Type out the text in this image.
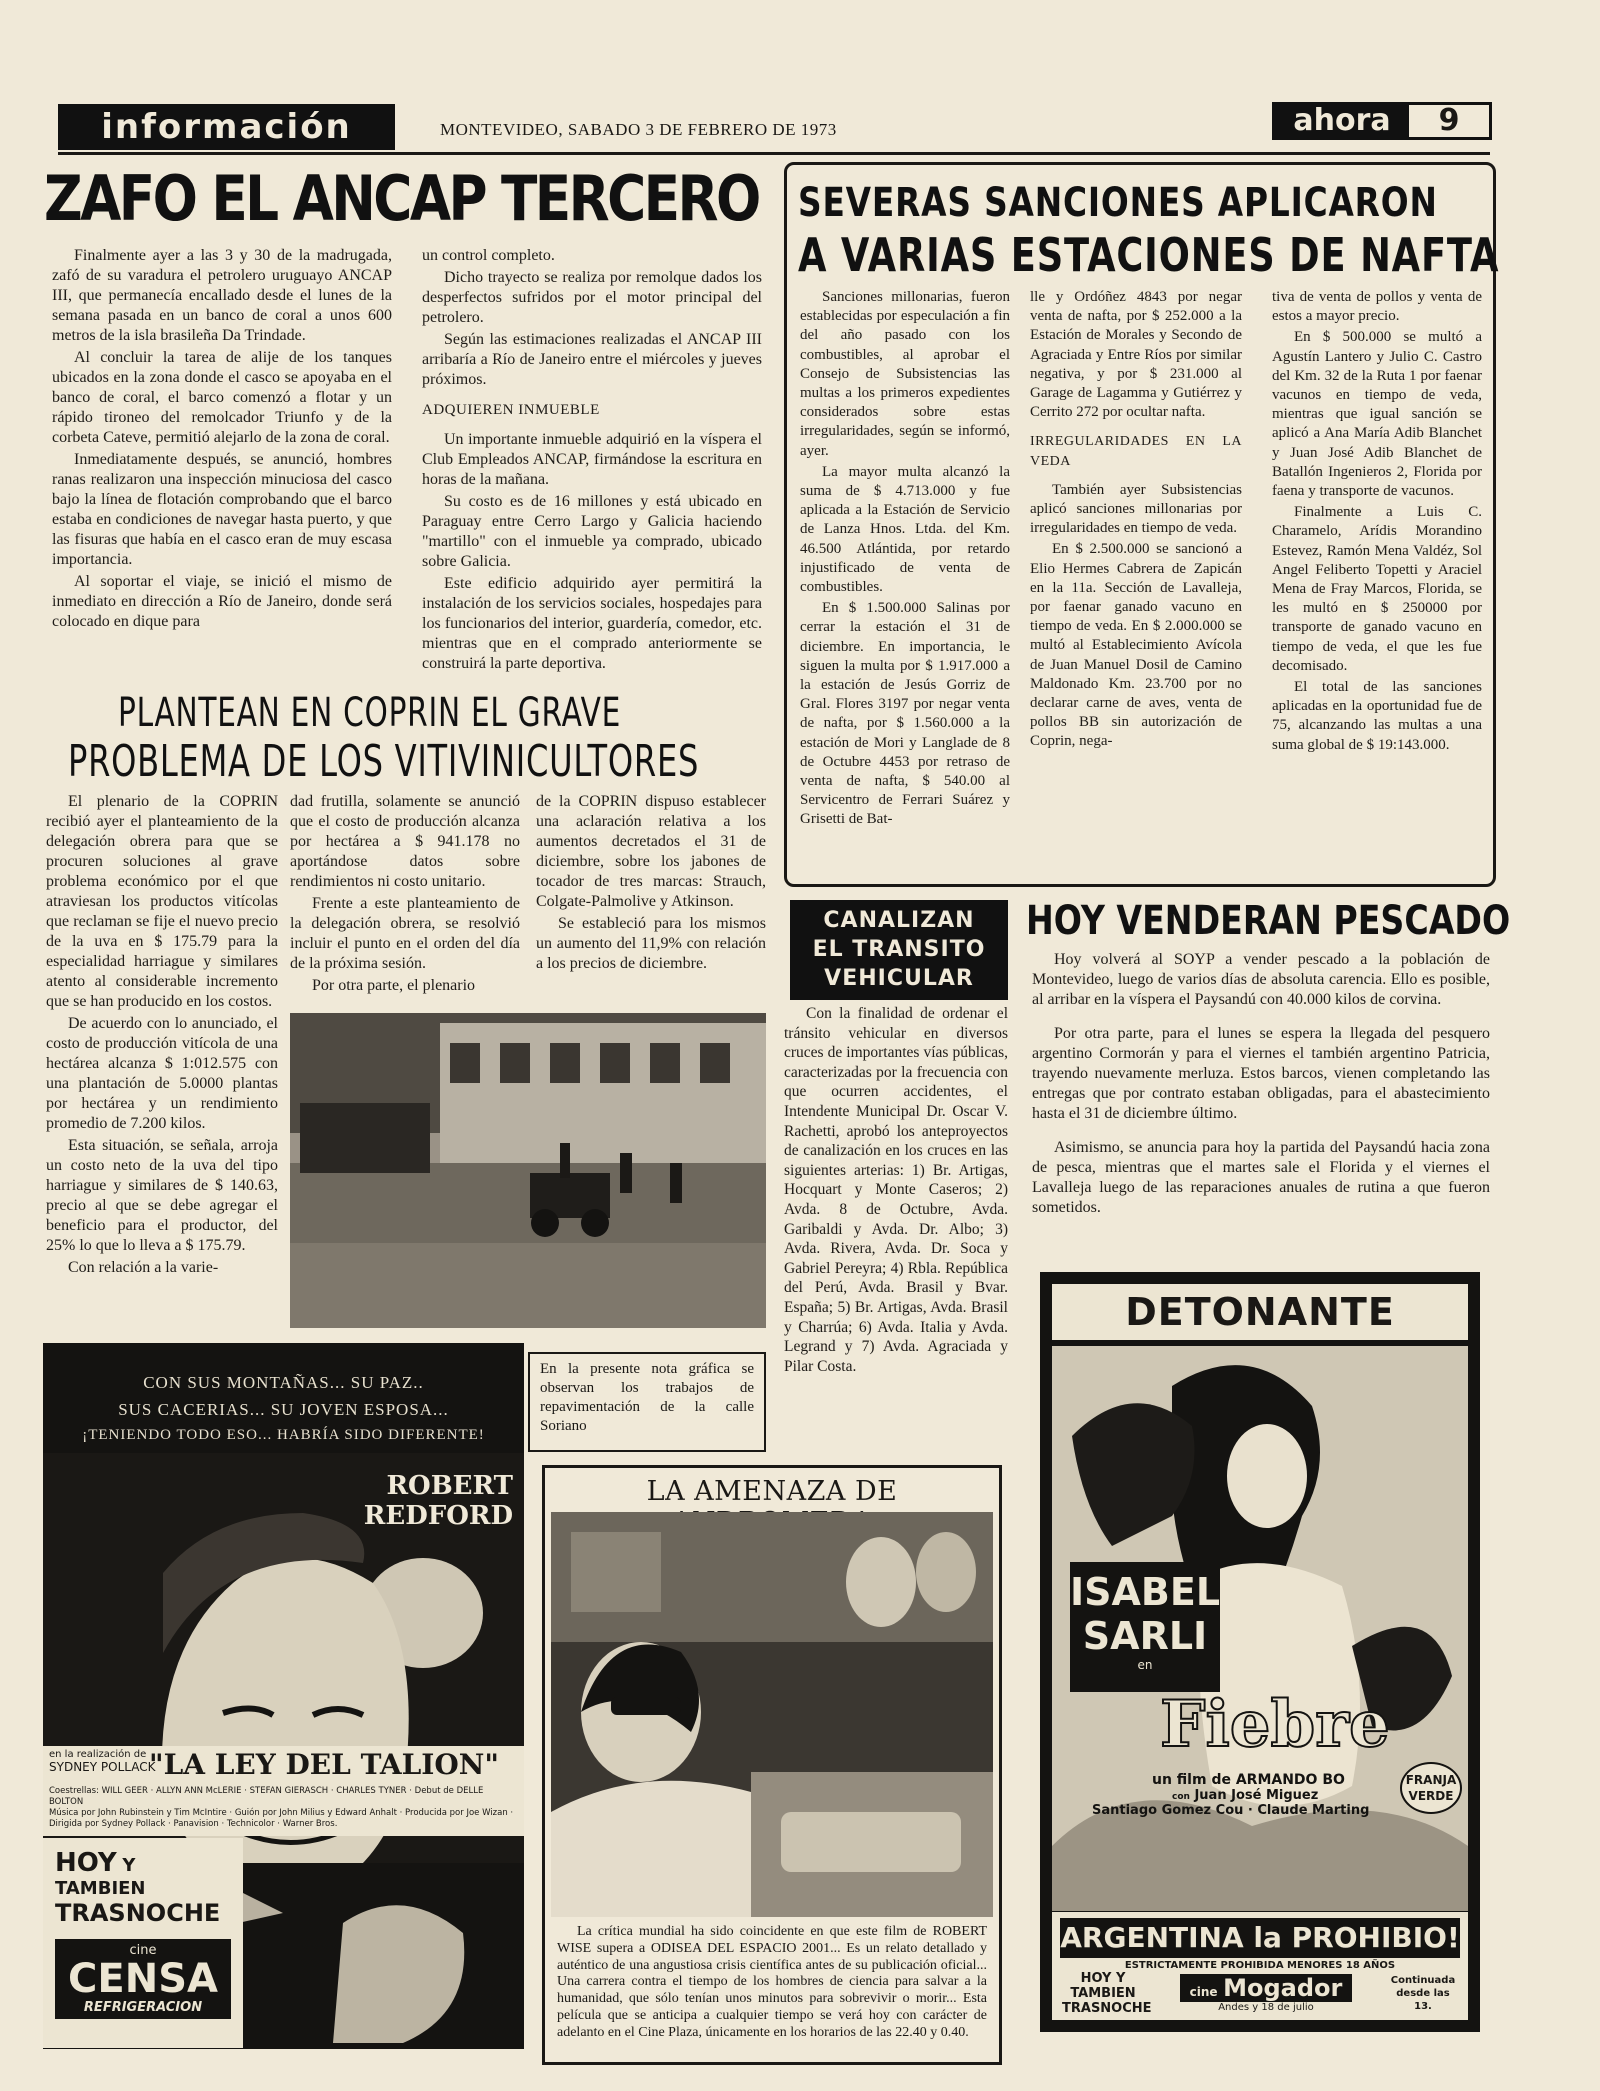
información	MONTEVIDEO, SABADO 3 DE FEBRERO DE 1973	ahora	9
ZAFO EL ANCAP TERCERO

Finalmente ayer a las 3 y 30 de la madrugada, zafó de su varadura el petrolero uruguayo ANCAP III, que permanecía encallado desde el lunes de la semana pasada en un banco de coral a unos 600 metros de la isla brasileña Da Trindade.

Al concluir la tarea de alije de los tanques ubicados en la zona donde el casco se apoyaba en el banco de coral, el barco comenzó a flotar y un rápido tironeo del remolcador Triunfo y de la corbeta Cateve, permitió alejarlo de la zona de coral.

Inmediatamente después, se anunció, hombres ranas realizaron una inspección minuciosa del casco bajo la línea de flotación comprobando que el barco estaba en condiciones de navegar hasta puerto, y que las fisuras que había en el casco eran de muy escasa importancia.

Al soportar el viaje, se inició el mismo de inmediato en dirección a Río de Janeiro, donde será colocado en dique para

un control completo.

Dicho trayecto se realiza por remolque dados los desperfectos sufridos por el motor principal del petrolero.

Según las estimaciones realizadas el ANCAP III arribaría a Río de Janeiro entre el miércoles y jueves próximos.

ADQUIEREN INMUEBLE

Un importante inmueble adquirió en la víspera el Club Empleados ANCAP, firmándose la escritura en horas de la mañana.

Su costo es de 16 millones y está ubicado en Paraguay entre Cerro Largo y Galicia haciendo "martillo" con el inmueble ya comprado, ubicado sobre Galicia.

Este edificio adquirido ayer permitirá la instalación de los servicios sociales, hospedajes para los funcionarios del interior, guardería, comedor, etc. mientras que en el comprado anteriormente se construirá la parte deportiva.

SEVERAS SANCIONES APLICARON
A VARIAS ESTACIONES DE NAFTA

Sanciones millonarias, fueron establecidas por especulación a fin del año pasado con los combustibles, al aprobar el Consejo de Subsistencias las multas a los primeros expedientes considerados sobre estas irregularidades, según se informó, ayer.

La mayor multa alcanzó la suma de $ 4.713.000 y fue aplicada a la Estación de Servicio de Lanza Hnos. Ltda. del Km. 46.500 Atlántida, por retardo injustificado de venta de combustibles.

En $ 1.500.000 Salinas por cerrar la estación el 31 de diciembre. En importancia, le siguen la multa por $ 1.917.000 a la estación de Jesús Gorriz de Gral. Flores 3197 por negar venta de nafta, por $ 1.560.000 a la estación de Mori y Langlade de 8 de Octubre 4453 por retraso de venta de nafta, $ 540.00 al Servicentro de Ferrari Suárez y Grisetti de Bat-

lle y Ordóñez 4843 por negar venta de nafta, por $ 252.000 a la Estación de Morales y Secondo de Agraciada y Entre Ríos por similar negativa, y por $ 231.000 al Garage de Lagamma y Gutiérrez y Cerrito 272 por ocultar nafta.

IRREGULARIDADES EN LA VEDA

También ayer Subsistencias aplicó sanciones millonarias por irregularidades en tiempo de veda.

En $ 2.500.000 se sancionó a Elio Hermes Cabrera de Zapicán en la 11a. Sección de Lavalleja, por faenar ganado vacuno en tiempo de veda. En $ 2.000.000 se multó al Establecimiento Avícola de Juan Manuel Dosil de Camino Maldonado Km. 23.700 por no declarar carne de aves, venta de pollos BB sin autorización de Coprin, nega-

tiva de venta de pollos y venta de estos a mayor precio.

En $ 500.000 se multó a Agustín Lantero y Julio C. Castro del Km. 32 de la Ruta 1 por faenar vacunos en tiempo de veda, mientras que igual sanción se aplicó a Ana María Adib Blanchet y Juan José Adib Blanchet de Batallón Ingenieros 2, Florida por faena y transporte de vacunos.

Finalmente a Luis C. Charamelo, Arídis Morandino Estevez, Ramón Mena Valdéz, Sol Angel Feliberto Topetti y Araciel Mena de Fray Marcos, Florida, se les multó en $ 250000 por transporte de ganado vacuno en tiempo de veda, el que les fue decomisado.

El total de las sanciones aplicadas en la oportunidad fue de 75, alcanzando las multas a una suma global de $ 19:143.000.

PLANTEAN EN COPRIN EL GRAVE
PROBLEMA DE LOS VITIVINICULTORES

El plenario de la COPRIN recibió ayer el planteamiento de la delegación obrera para que se procuren soluciones al grave problema económico por el que atraviesan los productos vitícolas que reclaman se fije el nuevo precio de la uva en $ 175.79 para la especialidad harriague y similares atento al considerable incremento que se han producido en los costos.

De acuerdo con lo anunciado, el costo de producción vitícola de una hectárea alcanza $ 1:012.575 con una plantación de 5.0000 plantas por hectárea y un rendimiento promedio de 7.200 kilos.

Esta situación, se señala, arroja un costo neto de la uva del tipo harriague y similares de $ 140.63, precio al que se debe agregar el beneficio para el productor, del 25% lo que lo lleva a $ 175.79.

Con relación a la varie-

dad frutilla, solamente se anunció que el costo de producción alcanza por hectárea a $ 941.178 no aportándose datos sobre rendimientos ni costo unitario.

Frente a este planteamiento de la delegación obrera, se resolvió incluir el punto en el orden del día de la próxima sesión.

Por otra parte, el plenario

de la COPRIN dispuso establecer una aclaración relativa a los aumentos decretados el 31 de diciembre, sobre los jabones de tocador de tres marcas: Strauch, Colgate-Palmolive y Atkinson.

Se estableció para los mismos un aumento del 11,9% con relación a los precios de diciembre.

En la presente nota gráfica se observan los trabajos de repavimentación de la calle Soriano
CANALIZAN
EL TRANSITO
VEHICULAR

Con la finalidad de ordenar el tránsito vehicular en diversos cruces de importantes vías públicas, caracterizadas por la frecuencia con que ocurren accidentes, el Intendente Municipal Dr. Oscar V. Rachetti, aprobó los anteproyectos de canalización en los cruces en las siguientes arterias: 1) Br. Artigas, Hocquart y Monte Caseros; 2) Avda. 8 de Octubre, Avda. Garibaldi y Avda. Dr. Albo; 3) Avda. Rivera, Avda. Dr. Soca y Gabriel Pereyra; 4) Rbla. República del Perú, Avda. Brasil y Bvar. España; 5) Br. Artigas, Avda. Brasil y Charrúa; 6) Avda. Italia y Avda. Legrand y 7) Avda. Agraciada y Pilar Costa.

HOY VENDERAN PESCADO

Hoy volverá al SOYP a vender pescado a la población de Montevideo, luego de varios días de absoluta carencia. Ello es posible, al arribar en la víspera el Paysandú con 40.000 kilos de corvina.

Por otra parte, para el lunes se espera la llegada del pesquero argentino Cormorán y para el viernes el también argentino Patricia, trayendo nuevamente merluza. Estos barcos, vienen completando las entregas que por contrato estaban obligadas, para el abastecimiento hasta el 31 de diciembre último.

Asimismo, se anuncia para hoy la partida del Paysandú hacia zona de pesca, mientras que el martes sale el Florida y el viernes el Lavalleja luego de las reparaciones anuales de rutina a que fueron sometidos.

CON SUS MONTAÑAS... SU PAZ..
SUS CACERIAS... SU JOVEN ESPOSA...
¡TENIENDO TODO ESO... HABRÍA SIDO DIFERENTE!
ROBERT
REDFORD
en la realización de
SYDNEY POLLACK
"LA LEY DEL TALION"
Coestrellas: WILL GEER · ALLYN ANN McLERIE · STEFAN GIERASCH · CHARLES TYNER · Debut de DELLE BOLTON
Música por John Rubinstein y Tim McIntire · Guión por John Milius y Edward Anhalt · Producida por Joe Wizan · Dirigida por Sydney Pollack · Panavision · Technicolor · Warner Bros.
HOY Y TAMBIEN
TRASNOCHE
cine
CENSA
REFRIGERACION
LA AMENAZA DE
La crítica mundial ha sido coincidente en que este film de ROBERT WISE supera a ODISEA DEL ESPACIO 2001... Es un relato detallado y auténtico de una angustiosa crisis científica antes de su publicación oficial... Una carrera contra el tiempo de los hombres de ciencia para salvar a la humanidad, que sólo tenían unos minutos para sobrevivir o morir... Esta película que se anticipa a cualquier tiempo se verá hoy con carácter de adelanto en el Cine Plaza, únicamente en los horarios de las 22.40 y 0.40.
DETONANTE
ISABEL
SARLI
en
Fiebre
FRANJA
VERDE
un film de ARMANDO BO
con Juan José Miguez
Santiago Gomez Cou · Claude Marting
ARGENTINA la PROHIBIO!
ESTRICTAMENTE PROHIBIDA MENORES 18 AÑOS
HOY Y
TAMBIEN
TRASNOCHE
cine Mogador
Andes y 18 de julio
Continuada
desde las 13.
